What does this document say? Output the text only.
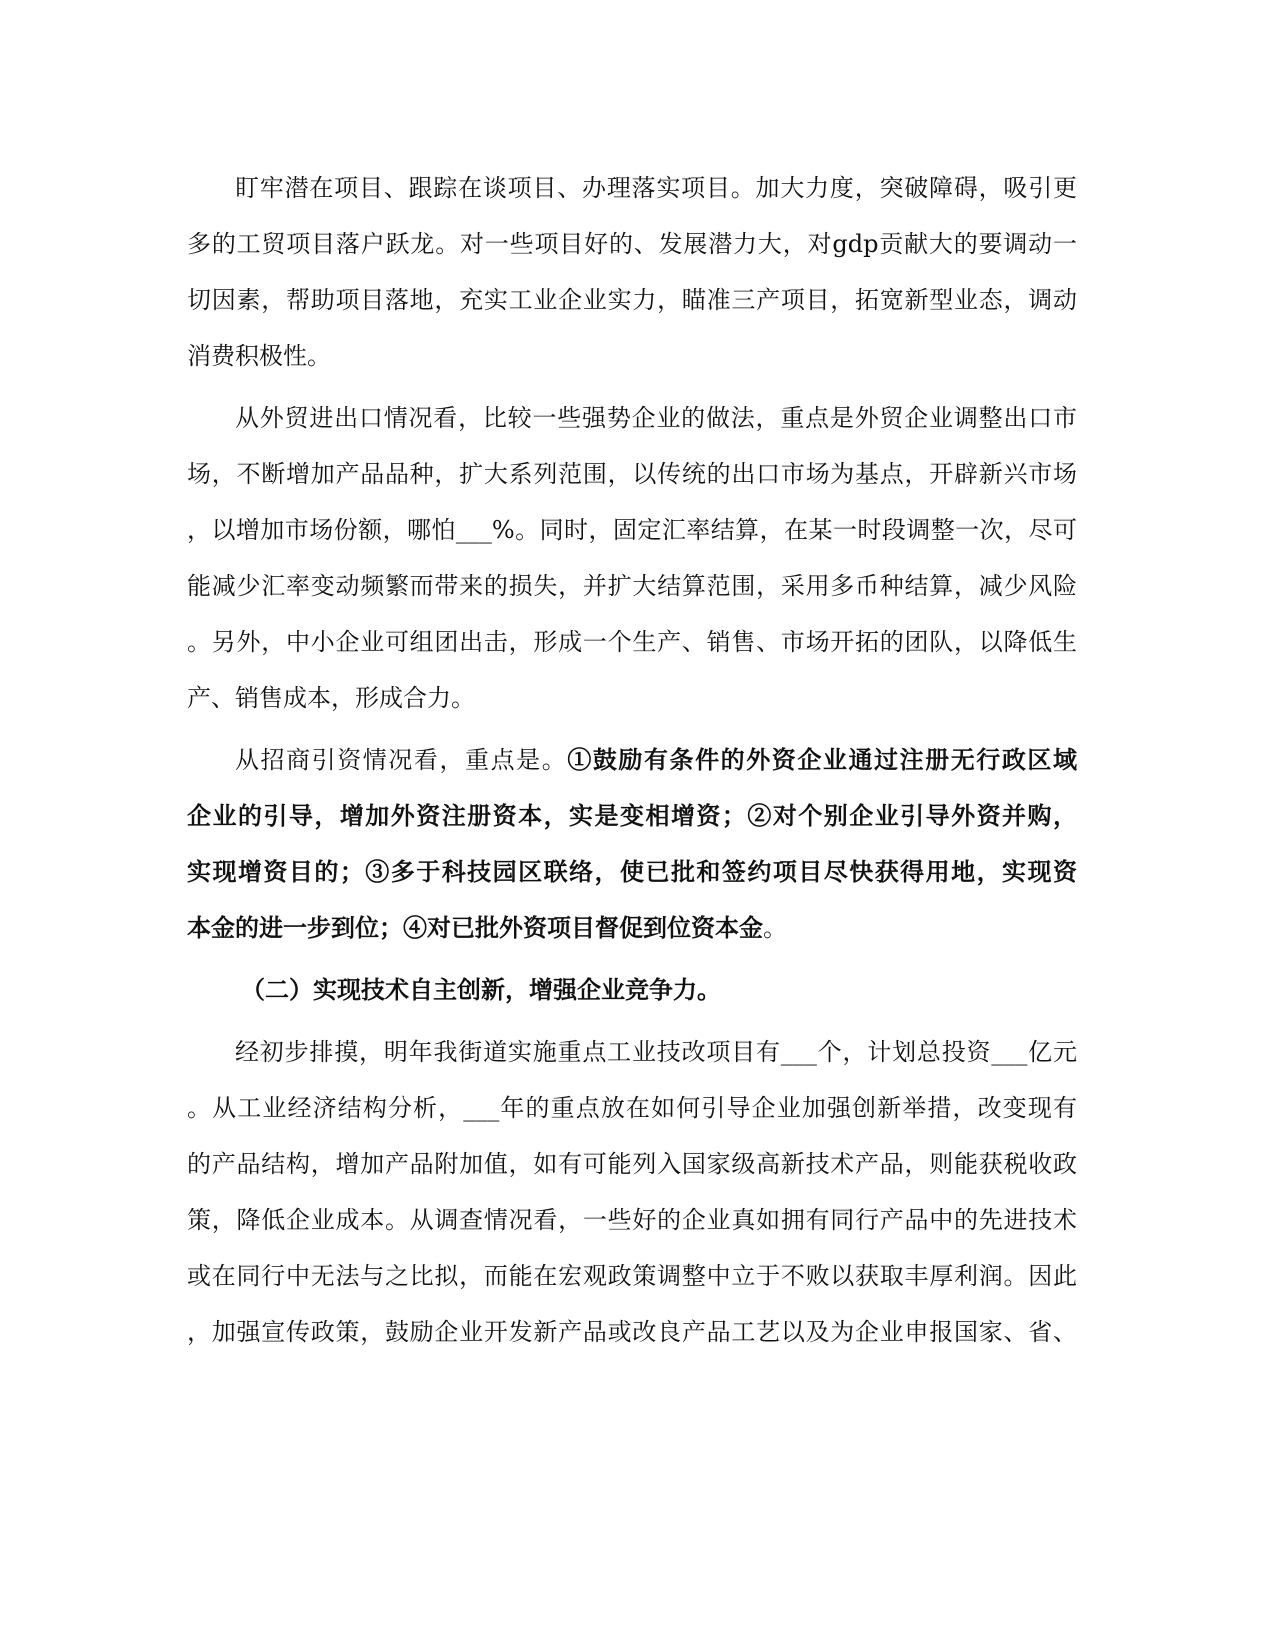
盯牢潜在项目、跟踪在谈项目、办理落实项目。加大力度，突破障碍，吸引更
多的工贸项目落户跃龙。对一些项目好的、发展潜力大，对gdp贡献大的要调动一
切因素，帮助项目落地，充实工业企业实力，瞄准三产项目，拓宽新型业态，调动
消费积极性。
从外贸进出口情况看，比较一些强势企业的做法，重点是外贸企业调整出口市
场，不断增加产品品种，扩大系列范围，以传统的出口市场为基点，开辟新兴市场
，以增加市场份额，哪怕___%。同时，固定汇率结算，在某一时段调整一次，尽可
能减少汇率变动频繁而带来的损失，并扩大结算范围，采用多币种结算，减少风险
。另外，中小企业可组团出击，形成一个生产、销售、市场开拓的团队，以降低生
产、销售成本，形成合力。
从招商引资情况看，重点是。①鼓励有条件的外资企业通过注册无行政区域
企业的引导，增加外资注册资本，实是变相增资；②对个别企业引导外资并购，
实现增资目的；③多于科技园区联络，使已批和签约项目尽快获得用地，实现资
本金的进一步到位；④对已批外资项目督促到位资本金。
（二）实现技术自主创新，增强企业竞争力。
经初步排摸，明年我街道实施重点工业技改项目有___个，计划总投资___亿元
。从工业经济结构分析，___年的重点放在如何引导企业加强创新举措，改变现有
的产品结构，增加产品附加值，如有可能列入国家级高新技术产品，则能获税收政
策，降低企业成本。从调查情况看，一些好的企业真如拥有同行产品中的先进技术
或在同行中无法与之比拟，而能在宏观政策调整中立于不败以获取丰厚利润。因此
，加强宣传政策，鼓励企业开发新产品或改良产品工艺以及为企业申报国家、省、
